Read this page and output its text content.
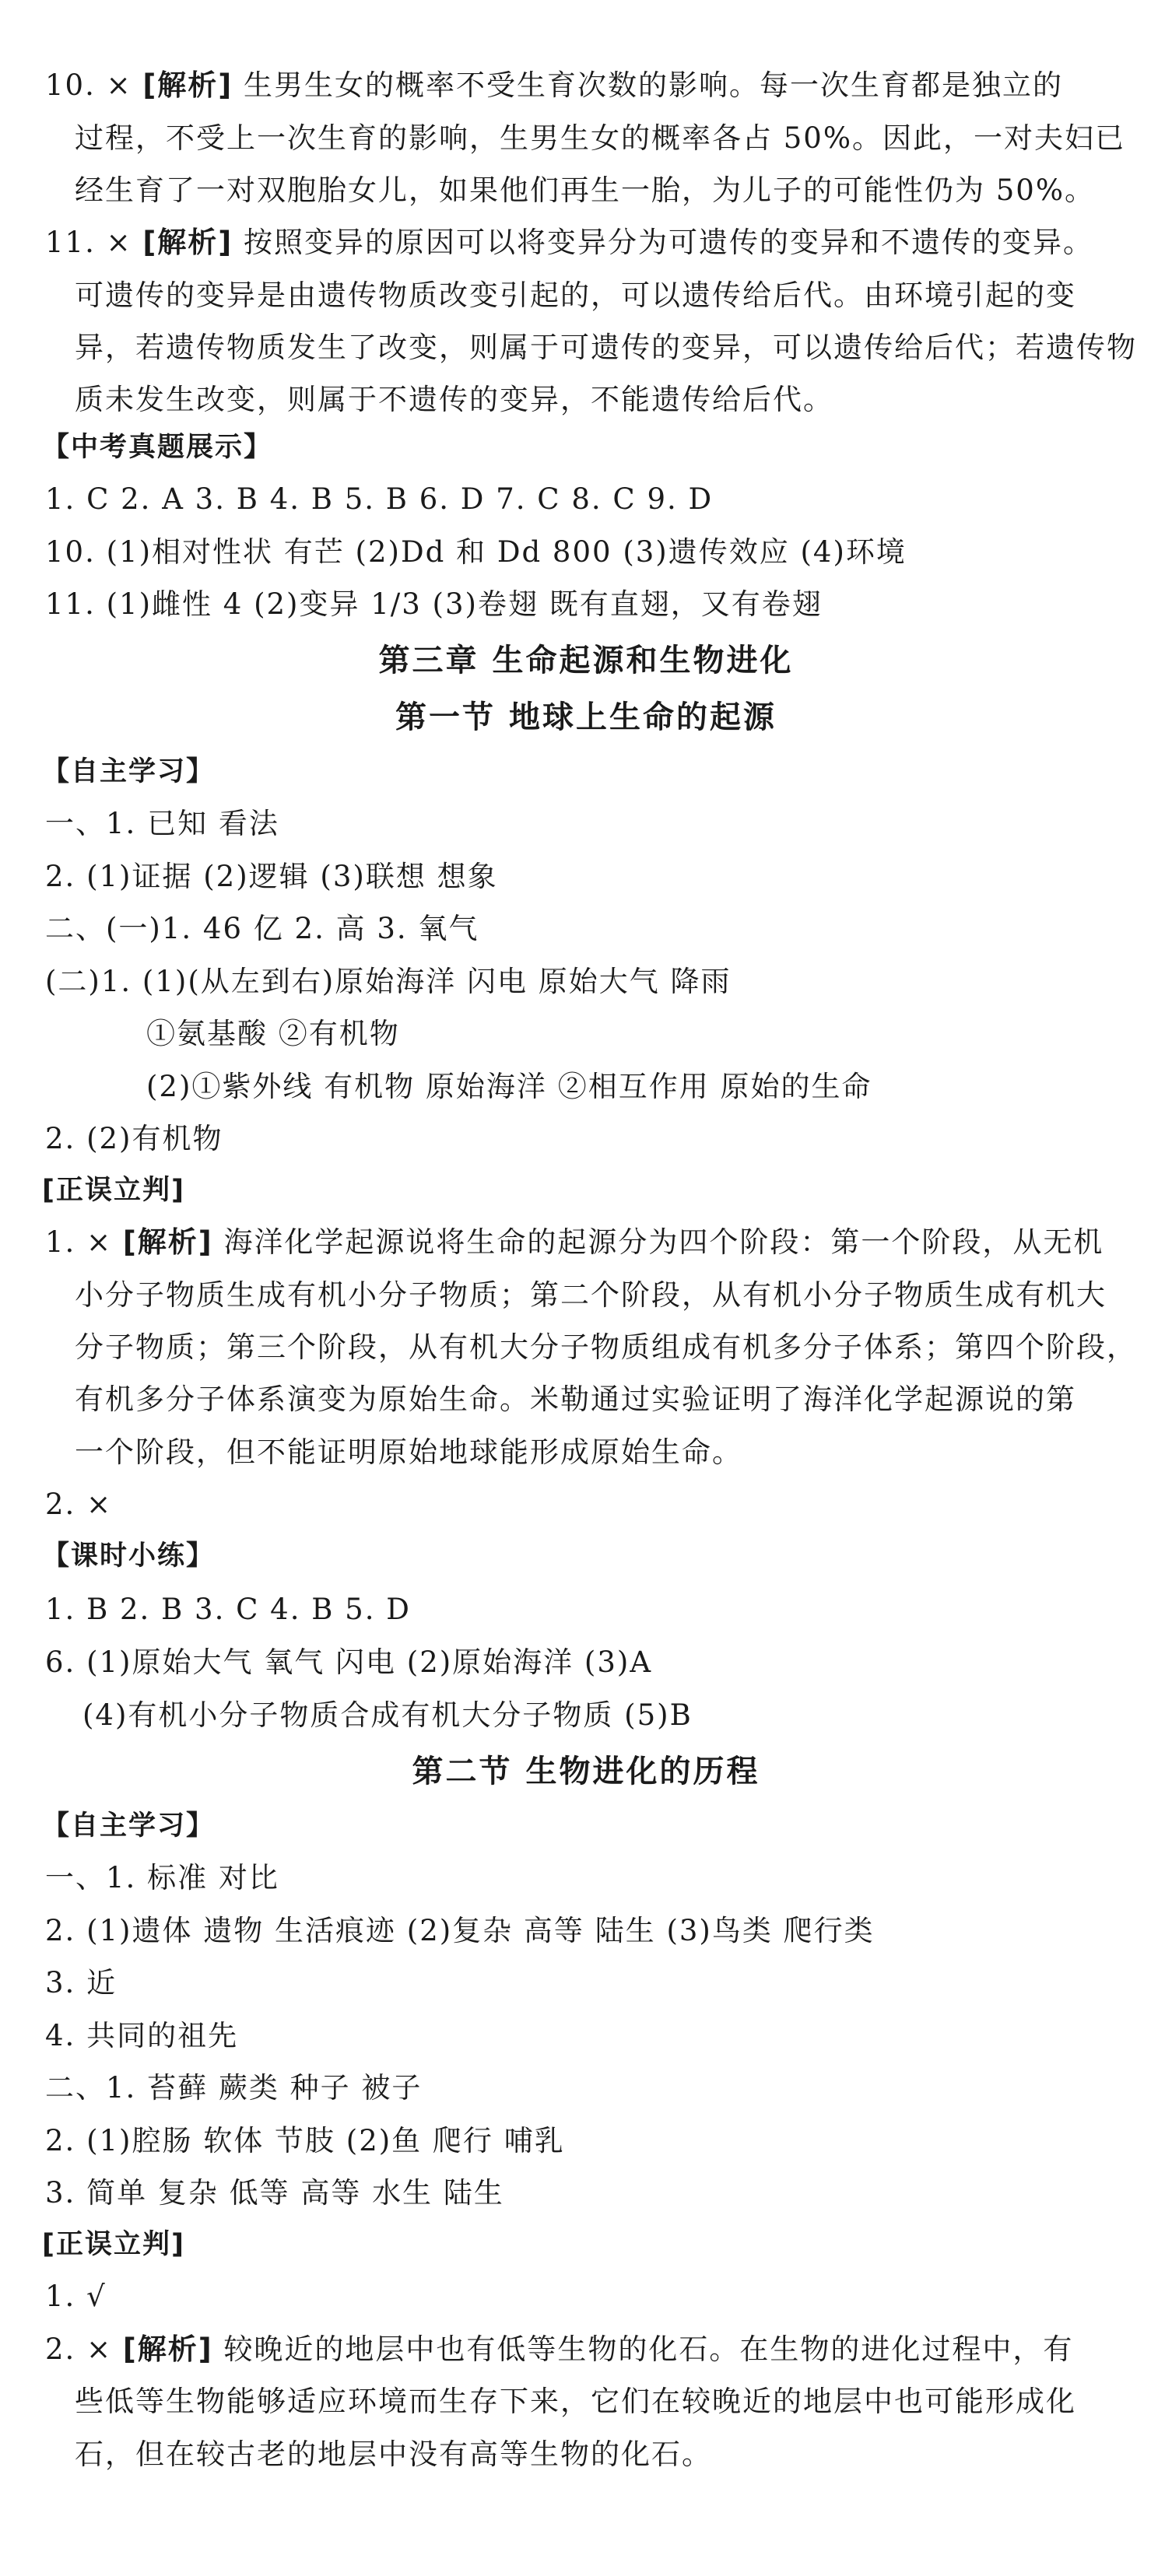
10. × [解析] 生男生女的概率不受生育次数的影响。每一次生育都是独立的
过程，不受上一次生育的影响，生男生女的概率各占 50%。因此，一对夫妇已
经生育了一对双胞胎女儿，如果他们再生一胎，为儿子的可能性仍为 50%。
11. × [解析] 按照变异的原因可以将变异分为可遗传的变异和不遗传的变异。
可遗传的变异是由遗传物质改变引起的，可以遗传给后代。由环境引起的变
异，若遗传物质发生了改变，则属于可遗传的变异，可以遗传给后代；若遗传物
质未发生改变，则属于不遗传的变异，不能遗传给后代。
【中考真题展示】
1. C 2. A 3. B 4. B 5. B 6. D 7. C 8. C 9. D
10. (1)相对性状 有芒 (2)Dd 和 Dd 800 (3)遗传效应 (4)环境
11. (1)雌性 4 (2)变异 1/3 (3)卷翅 既有直翅，又有卷翅
第三章 生命起源和生物进化
第一节 地球上生命的起源
【自主学习】
一、1. 已知 看法
2. (1)证据 (2)逻辑 (3)联想 想象
二、(一)1. 46 亿 2. 高 3. 氧气
(二)1. (1)(从左到右)原始海洋 闪电 原始大气 降雨
①氨基酸 ②有机物
(2)①紫外线 有机物 原始海洋 ②相互作用 原始的生命
2. (2)有机物
[正误立判]
1. × [解析] 海洋化学起源说将生命的起源分为四个阶段：第一个阶段，从无机
小分子物质生成有机小分子物质；第二个阶段，从有机小分子物质生成有机大
分子物质；第三个阶段，从有机大分子物质组成有机多分子体系；第四个阶段，
有机多分子体系演变为原始生命。米勒通过实验证明了海洋化学起源说的第
一个阶段，但不能证明原始地球能形成原始生命。
2. ×
【课时小练】
1. B 2. B 3. C 4. B 5. D
6. (1)原始大气 氧气 闪电 (2)原始海洋 (3)A
(4)有机小分子物质合成有机大分子物质 (5)B
第二节 生物进化的历程
【自主学习】
一、1. 标准 对比
2. (1)遗体 遗物 生活痕迹 (2)复杂 高等 陆生 (3)鸟类 爬行类
3. 近
4. 共同的祖先
二、1. 苔藓 蕨类 种子 被子
2. (1)腔肠 软体 节肢 (2)鱼 爬行 哺乳
3. 简单 复杂 低等 高等 水生 陆生
[正误立判]
1. √
2. × [解析] 较晚近的地层中也有低等生物的化石。在生物的进化过程中，有
些低等生物能够适应环境而生存下来，它们在较晚近的地层中也可能形成化
石，但在较古老的地层中没有高等生物的化石。
